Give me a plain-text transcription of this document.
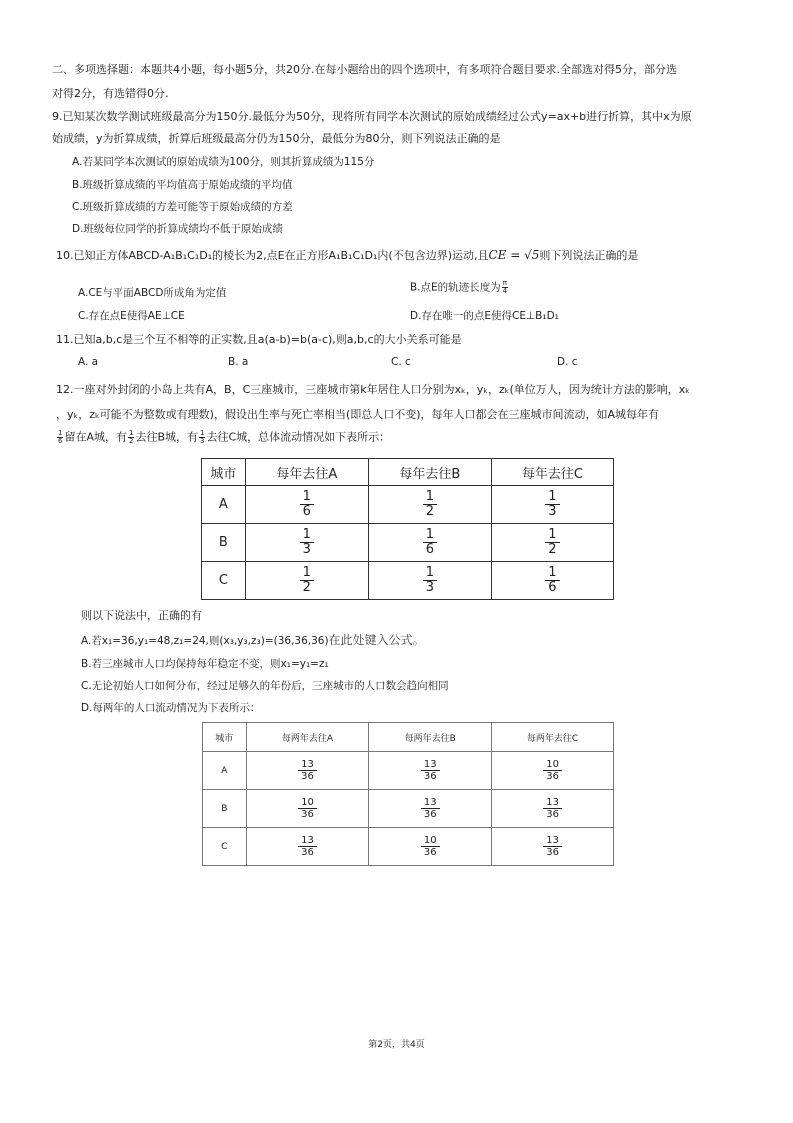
二、多项选择题：本题共4小题，每小题5分，共20分.在每小题给出的四个选项中，有多项符合题目要求.全部选对得5分，部分选
对得2分，有选错得0分.
9.已知某次数学测试班级最高分为150分.最低分为50分，现将所有同学本次测试的原始成绩经过公式y=ax+b进行折算，其中x为原
始成绩，y为折算成绩，折算后班级最高分仍为150分，最低分为80分，则下列说法正确的是
A.若某同学本次测试的原始成绩为100分，则其折算成绩为115分
B.班级折算成绩的平均值高于原始成绩的平均值
C.班级折算成绩的方差可能等于原始成绩的方差
D.班级每位同学的折算成绩均不低于原始成绩
10.已知正方体ABCD-A₁B₁C₁D₁的棱长为2,点E在正方形A₁B₁C₁D₁内(不包含边界)运动,且CE = √5则下列说法正确的是
A.CE与平面ABCD所成角为定值	B.点E的轨迹长度为 $\frac{\pi}{4}$
C.存在点E使得AE⊥CE	D.存在唯一的点E使得CE⊥B₁D₁
11.已知a,b,c是三个互不相等的正实数,且a(a-b)=b(a-c),则a,b,c的大小关系可能是
A. a	B. a	C. c	D. c
12.一座对外封闭的小岛上共有A，B，C三座城市，三座城市第k年居住人口分别为xₖ，yₖ，zₖ(单位万人，因为统计方法的影响，xₖ
，yₖ，zₖ可能不为整数或有理数)，假设出生率与死亡率相当(即总人口不变)，每年人口都会在三座城市间流动，如A城每年有
$\frac{1}{6}$ 留在A城，有 $\frac{1}{2}$ 去往B城，有 $\frac{1}{3}$ 去往C城，总体流动情况如下表所示：
城市	每年去往A	每年去往B	每年去往C
A	$\frac{1}{6}$	$\frac{1}{2}$	$\frac{1}{3}$

B	$\frac{1}{3}$	$\frac{1}{6}$	$\frac{1}{2}$

C	$\frac{1}{2}$	$\frac{1}{3}$	$\frac{1}{6}$
则以下说法中，正确的有
A.若x₁=36,y₁=48,z₁=24,则(x₃,y₃,z₃)=(36,36,36)在此处键入公式。
B.若三座城市人口均保持每年稳定不变，则x₁=y₁=z₁
C.无论初始人口如何分布，经过足够久的年份后，三座城市的人口数会趋向相同
D.每两年的人口流动情况为下表所示：
城市	每两年去往A	每两年去往B	每两年去往C
A	$\frac{13}{36}$	$\frac{13}{36}$	$\frac{10}{36}$

B	$\frac{10}{36}$	$\frac{13}{36}$	$\frac{13}{36}$

C	$\frac{13}{36}$	$\frac{10}{36}$	$\frac{13}{36}$
第2页，共4页
